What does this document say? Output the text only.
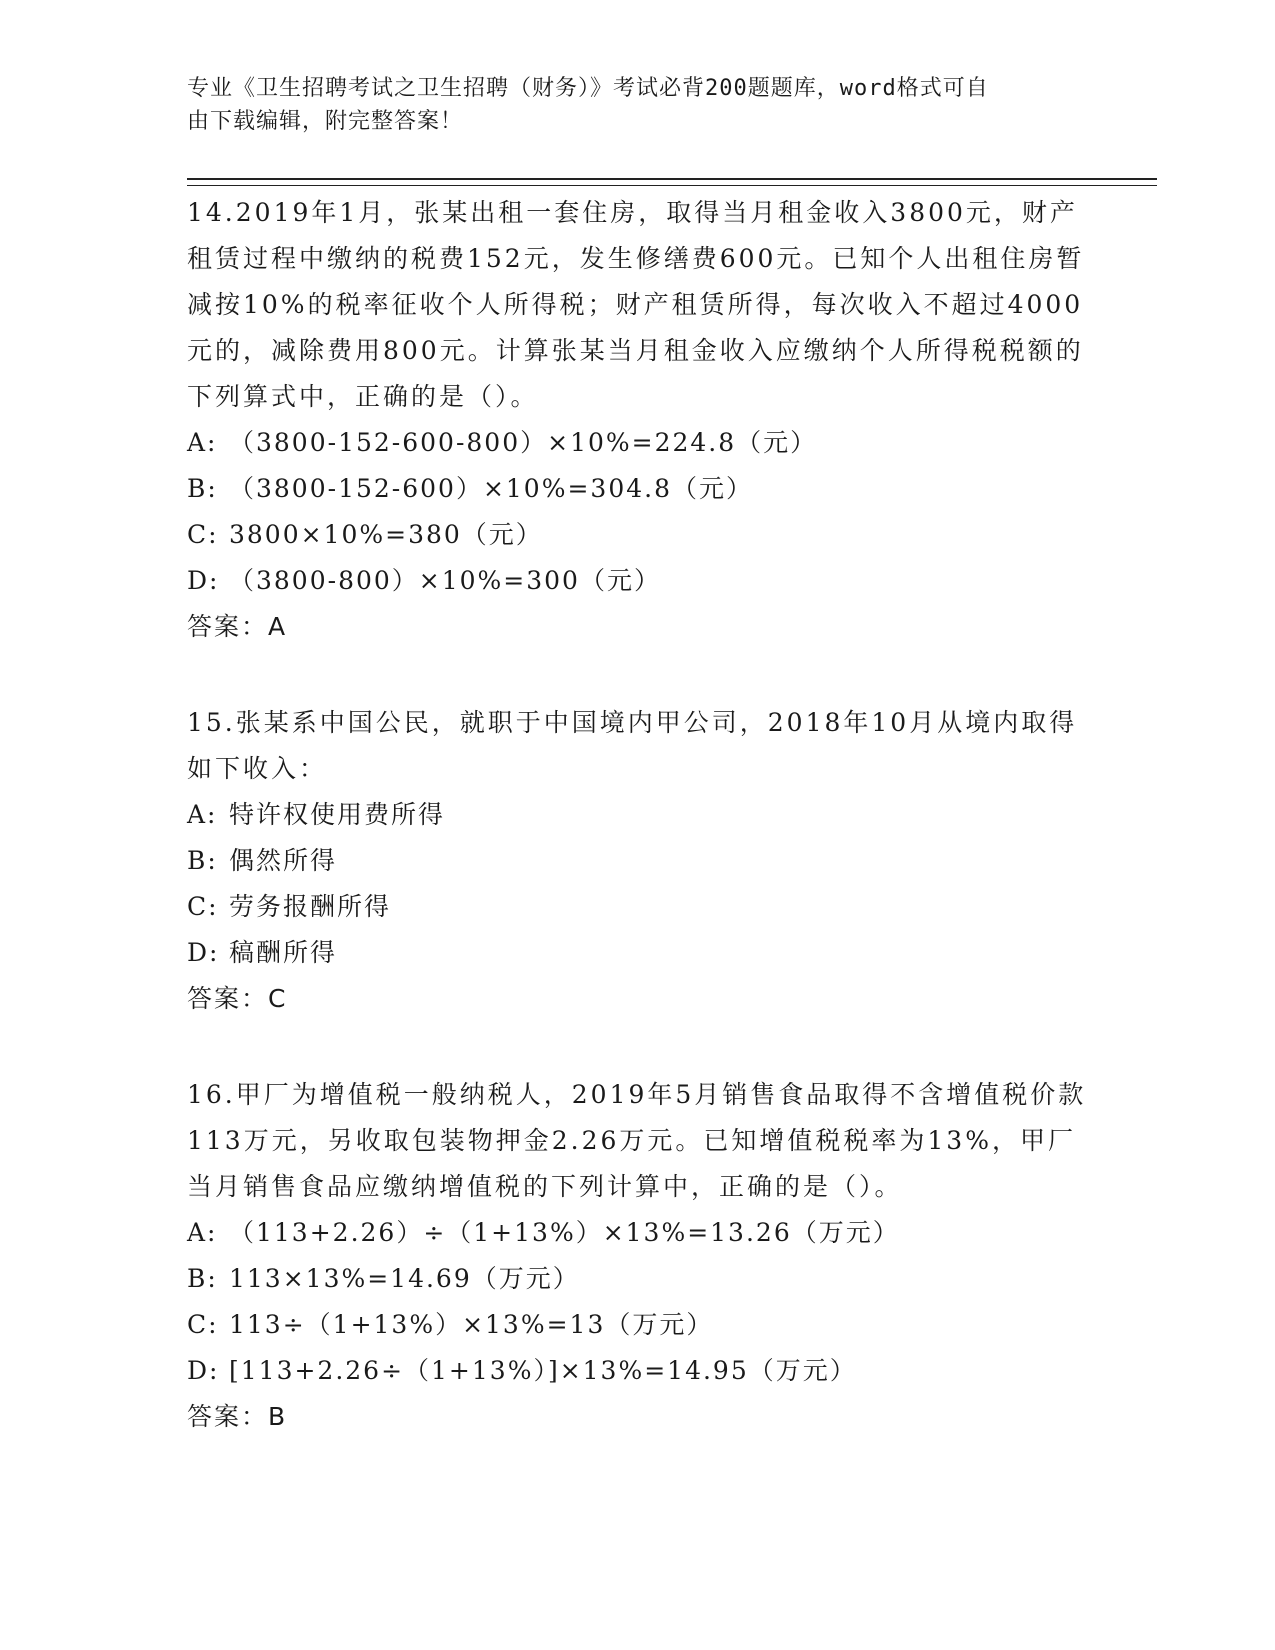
专业《卫生招聘考试之卫生招聘（财务）》考试必背200题题库，word格式可自
由下载编辑，附完整答案！
14.2019年1月，张某出租一套住房，取得当月租金收入3800元，财产租赁过程中缴纳的税费152元，发生修缮费600元。已知个人出租住房暂减按10%的税率征收个人所得税；财产租赁所得，每次收入不超过4000元的，减除费用800元。计算张某当月租金收入应缴纳个人所得税税额的下列算式中，正确的是（）。
A: （3800-152-600-800）×10%=224.8（元）
B: （3800-152-600）×10%=304.8（元）
C: 3800×10%=380（元）
D: （3800-800）×10%=300（元）
答案：A
15.张某系中国公民，就职于中国境内甲公司，2018年10月从境内取得如下收入：
A: 特许权使用费所得
B: 偶然所得
C: 劳务报酬所得
D: 稿酬所得
答案：C
16.甲厂为增值税一般纳税人，2019年5月销售食品取得不含增值税价款113万元，另收取包装物押金2.26万元。已知增值税税率为13%，甲厂当月销售食品应缴纳增值税的下列计算中，正确的是（）。
A: （113+2.26）÷（1+13%）×13%=13.26（万元）
B: 113×13%=14.69（万元）
C: 113÷（1+13%）×13%=13（万元）
D: [113+2.26÷（1+13%）]×13%=14.95（万元）
答案：B
